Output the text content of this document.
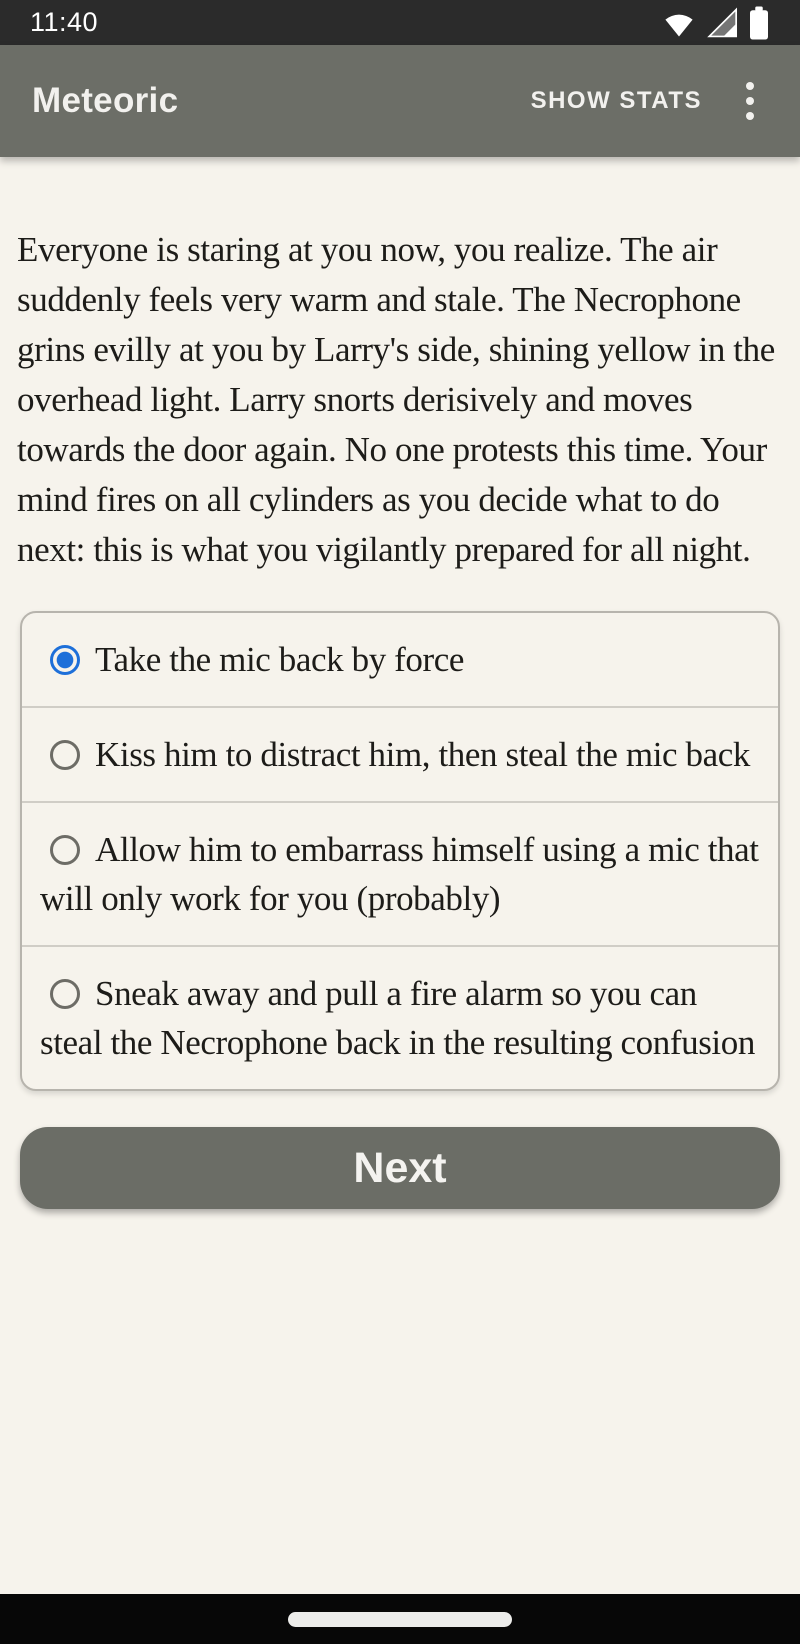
11:40
Meteoric	SHOW STATS

Everyone is staring at you now, you realize. The air suddenly feels very warm and stale. The Necrophone grins evilly at you by Larry's side, shining yellow in the overhead light. Larry snorts derisively and moves towards the door again. No one protests this time. Your mind fires on all cylinders as you decide what to do next: this is what you vigilantly prepared for all night.

Take the mic back by force
Kiss him to distract him, then steal the mic back
Allow him to embarrass himself using a mic that will only work for you (probably)
Sneak away and pull a fire alarm so you can steal the Necrophone back in the resulting confusion
Next
